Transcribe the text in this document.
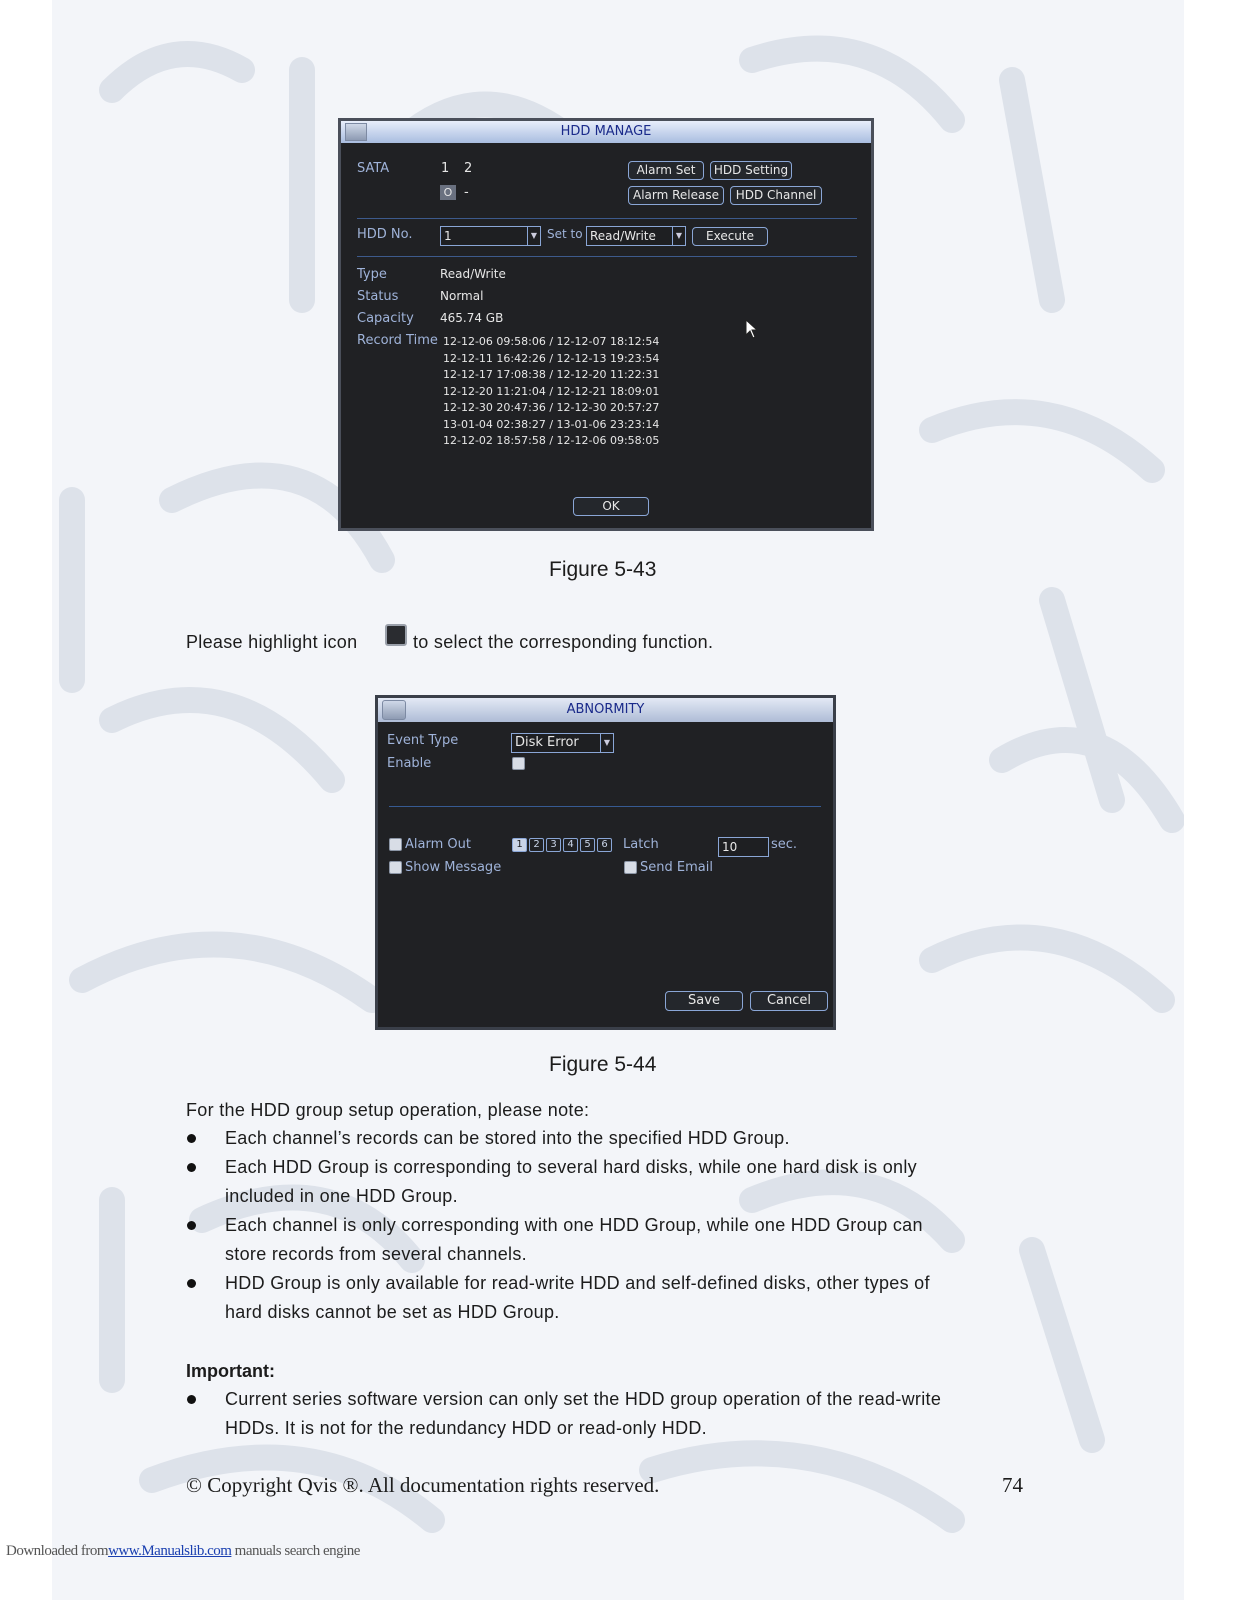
HDD MANAGE
SATA	1 2
O -
Alarm Set	HDD Setting
Alarm Release	HDD Channel
HDD No.	1	▼ Set to Read/Write	▼	Execute
Type	Read/Write
Status	Normal
Capacity 465.74 GB
Record Time 12-12-06 09:58:06 / 12-12-07 18:12:54
12-12-11 16:42:26 / 12-12-13 19:23:54
12-12-17 17:08:38 / 12-12-20 11:22:31
12-12-20 11:21:04 / 12-12-21 18:09:01
12-12-30 20:47:36 / 12-12-30 20:57:27
13-01-04 02:38:27 / 13-01-06 23:23:14
12-12-02 18:57:58 / 12-12-06 09:58:05
OK
Figure 5-43
Please highlight icon	to select the corresponding function.
ABNORMITY
Event Type	Disk Error	▼
Enable
Alarm Out	1	2	3	4	5	6	Latch	10	sec.
Show Message	Send Email
Save	Cancel
Figure 5-44
For the HDD group setup operation, please note:
Each channel’s records can be stored into the specified HDD Group.
Each HDD Group is corresponding to several hard disks, while one hard disk is only
included in one HDD Group.
Each channel is only corresponding with one HDD Group, while one HDD Group can
store records from several channels.
HDD Group is only available for read-write HDD and self-defined disks, other types of
hard disks cannot be set as HDD Group.
Important:
Current series software version can only set the HDD group operation of the read-write
HDDs. It is not for the redundancy HDD or read-only HDD.
© Copyright Qvis ®. All documentation rights reserved.	74
Downloaded fromwww.Manualslib.com manuals search engine
